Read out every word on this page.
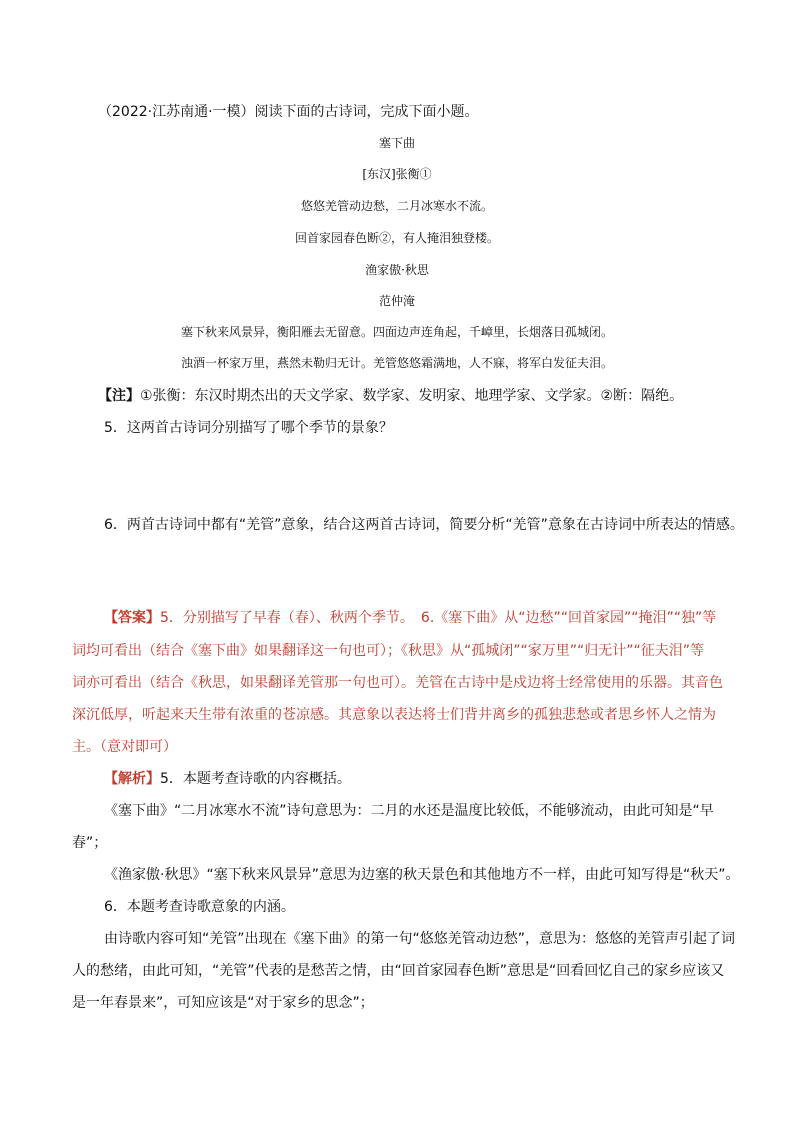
（2022·江苏南通·一模）阅读下面的古诗词，完成下面小题。
塞下曲
[东汉]张衡①
悠悠羌管动边愁，二月冰寒水不流。
回首家园春色断②，有人掩泪独登楼。
渔家傲·秋思
范仲淹
塞下秋来风景异，衡阳雁去无留意。四面边声连角起，千嶂里，长烟落日孤城闭。
浊酒一杯家万里，燕然未勒归无计。羌管悠悠霜满地，人不寐，将军白发征夫泪。
【注】①张衡：东汉时期杰出的天文学家、数学家、发明家、地理学家、文学家。②断：隔绝。
5．这两首古诗词分别描写了哪个季节的景象？
6．两首古诗词中都有“羌管”意象，结合这两首古诗词，简要分析“羌管”意象在古诗词中所表达的情感。
【答案】5．分别描写了早春（春）、秋两个季节。　6.《塞下曲》从“边愁”“回首家园”“掩泪”“独”等
词均可看出（结合《塞下曲》如果翻译这一句也可）；《秋思》从“孤城闭”“家万里”“归无计”“征夫泪”等
词亦可看出（结合《秋思，如果翻译羌管那一句也可）。羌管在古诗中是戍边将士经常使用的乐器。其音色
深沉低厚，听起来天生带有浓重的苍凉感。其意象以表达将士们背井离乡的孤独悲愁或者思乡怀人之情为
主。（意对即可）
【解析】5．本题考查诗歌的内容概括。
《塞下曲》“二月冰寒水不流”诗句意思为：二月的水还是温度比较低，不能够流动，由此可知是“早
春”；
《渔家傲·秋思》“塞下秋来风景异”意思为边塞的秋天景色和其他地方不一样，由此可知写得是“秋天”。
6．本题考查诗歌意象的内涵。
由诗歌内容可知“羌管”出现在《塞下曲》的第一句“悠悠羌管动边愁”，意思为：悠悠的羌管声引起了词
人的愁绪，由此可知，“羌管”代表的是愁苦之情，由“回首家园春色断”意思是“回看回忆自己的家乡应该又
是一年春景来”，可知应该是“对于家乡的思念”；
